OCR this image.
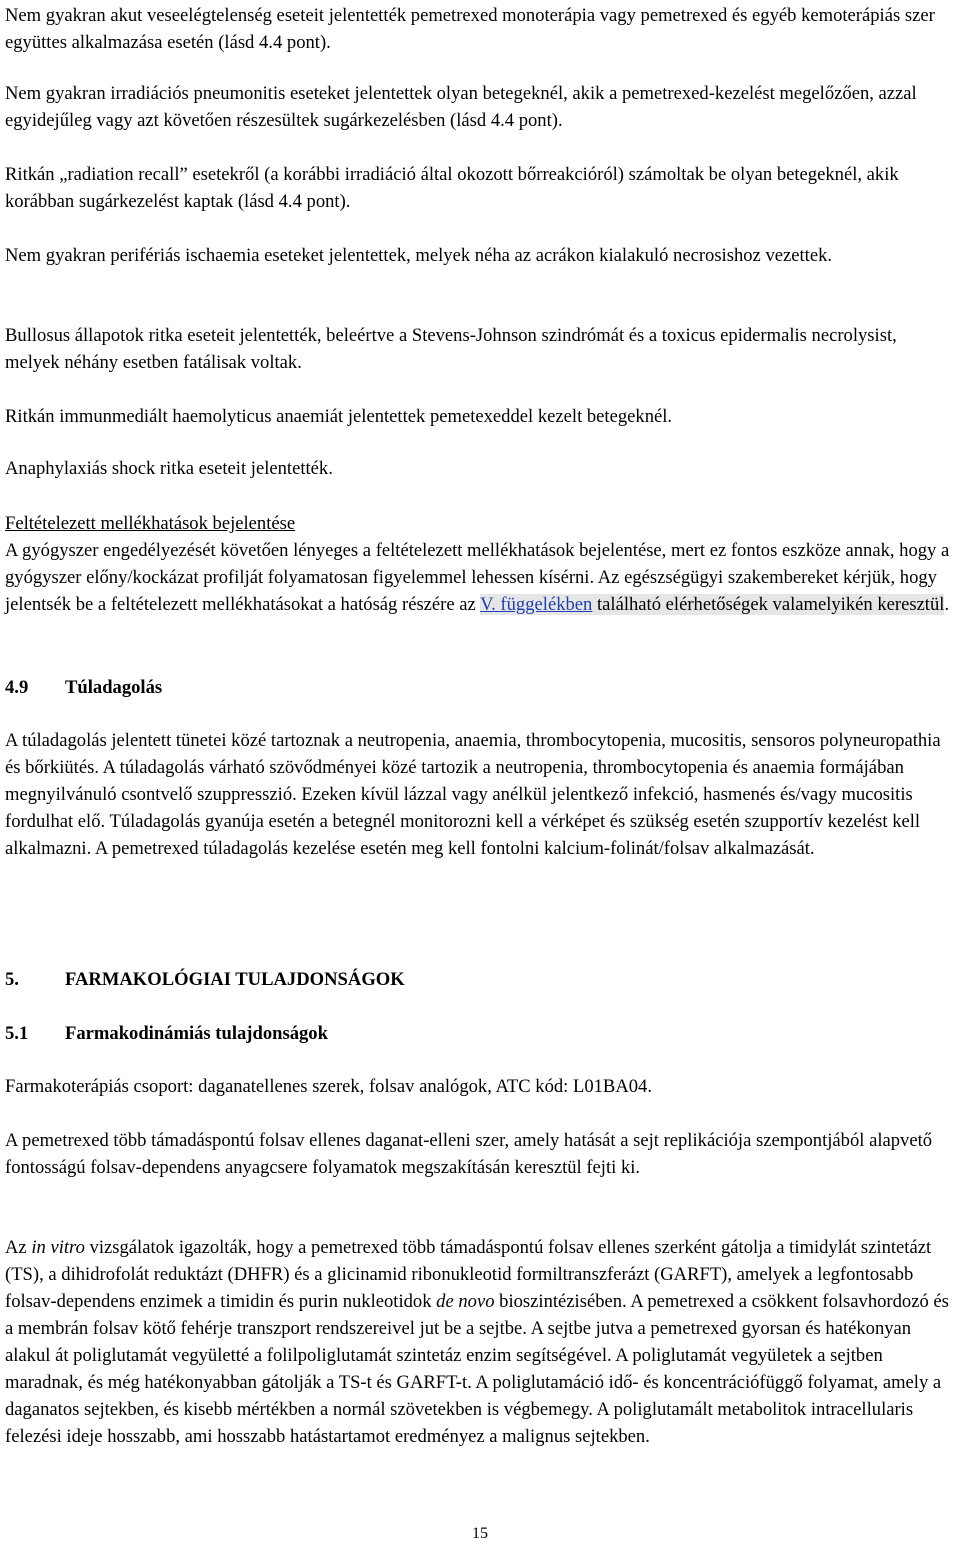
Nem gyakran akut veseelégtelenség eseteit jelentették pemetrexed monoterápia vagy pemetrexed és egyéb kemoterápiás szer együttes alkalmazása esetén (lásd 4.4 pont).

Nem gyakran irradiációs pneumonitis eseteket jelentettek olyan betegeknél, akik a pemetrexed-kezelést megelőzően, azzal egyidejűleg vagy azt követően részesültek sugárkezelésben (lásd 4.4 pont).

Ritkán „radiation recall” esetekről (a korábbi irradiáció által okozott bőrreakcióról) számoltak be olyan betegeknél, akik korábban sugárkezelést kaptak (lásd 4.4 pont).

Nem gyakran perifériás ischaemia eseteket jelentettek, melyek néha az acrákon kialakuló necrosishoz vezettek.

Bullosus állapotok ritka eseteit jelentették, beleértve a Stevens-Johnson szindrómát és a toxicus epidermalis necrolysist, melyek néhány esetben fatálisak voltak.

Ritkán immunmediált haemolyticus anaemiát jelentettek pemetexeddel kezelt betegeknél.

Anaphylaxiás shock ritka eseteit jelentették.

Feltételezett mellékhatások bejelentése

A gyógyszer engedélyezését követően lényeges a feltételezett mellékhatások bejelentése, mert ez fontos eszköze annak, hogy a gyógyszer előny/kockázat profilját folyamatosan figyelemmel lehessen kísérni. Az egészségügyi szakembereket kérjük, hogy jelentsék be a feltételezett mellékhatásokat a hatóság részére az V. függelékben található elérhetőségek valamelyikén keresztül.

4.9 Túladagolás

A túladagolás jelentett tünetei közé tartoznak a neutropenia, anaemia, thrombocytopenia, mucositis, sensoros polyneuropathia és bőrkiütés. A túladagolás várható szövődményei közé tartozik a neutropenia, thrombocytopenia és anaemia formájában megnyilvánuló csontvelő szuppresszió. Ezeken kívül lázzal vagy anélkül jelentkező infekció, hasmenés és/vagy mucositis fordulhat elő. Túladagolás gyanúja esetén a betegnél monitorozni kell a vérképet és szükség esetén szupportív kezelést kell alkalmazni. A pemetrexed túladagolás kezelése esetén meg kell fontolni kalcium-folinát/folsav alkalmazását.

5. FARMAKOLÓGIAI TULAJDONSÁGOK

5.1 Farmakodinámiás tulajdonságok

Farmakoterápiás csoport: daganatellenes szerek, folsav analógok, ATC kód: L01BA04.

A pemetrexed több támadáspontú folsav ellenes daganat-elleni szer, amely hatását a sejt replikációja szempontjából alapvető fontosságú folsav-dependens anyagcsere folyamatok megszakításán keresztül fejti ki.

Az in vitro vizsgálatok igazolták, hogy a pemetrexed több támadáspontú folsav ellenes szerként gátolja a timidylát szintetázt (TS), a dihidrofolát reduktázt (DHFR) és a glicinamid ribonukleotid formiltranszferázt (GARFT), amelyek a legfontosabb folsav-dependens enzimek a timidin és purin nukleotidok de novo bioszintézisében. A pemetrexed a csökkent folsavhordozó és a membrán folsav kötő fehérje transzport rendszereivel jut be a sejtbe. A sejtbe jutva a pemetrexed gyorsan és hatékonyan alakul át poliglutamát vegyületté a folilpoliglutamát szintetáz enzim segítségével. A poliglutamát vegyületek a sejtben maradnak, és még hatékonyabban gátolják a TS-t és GARFT-t. A poliglutamáció idő- és koncentrációfüggő folyamat, amely a daganatos sejtekben, és kisebb mértékben a normál szövetekben is végbemegy. A poliglutamált metabolitok intracellularis felezési ideje hosszabb, ami hosszabb hatástartamot eredményez a malignus sejtekben.

15
